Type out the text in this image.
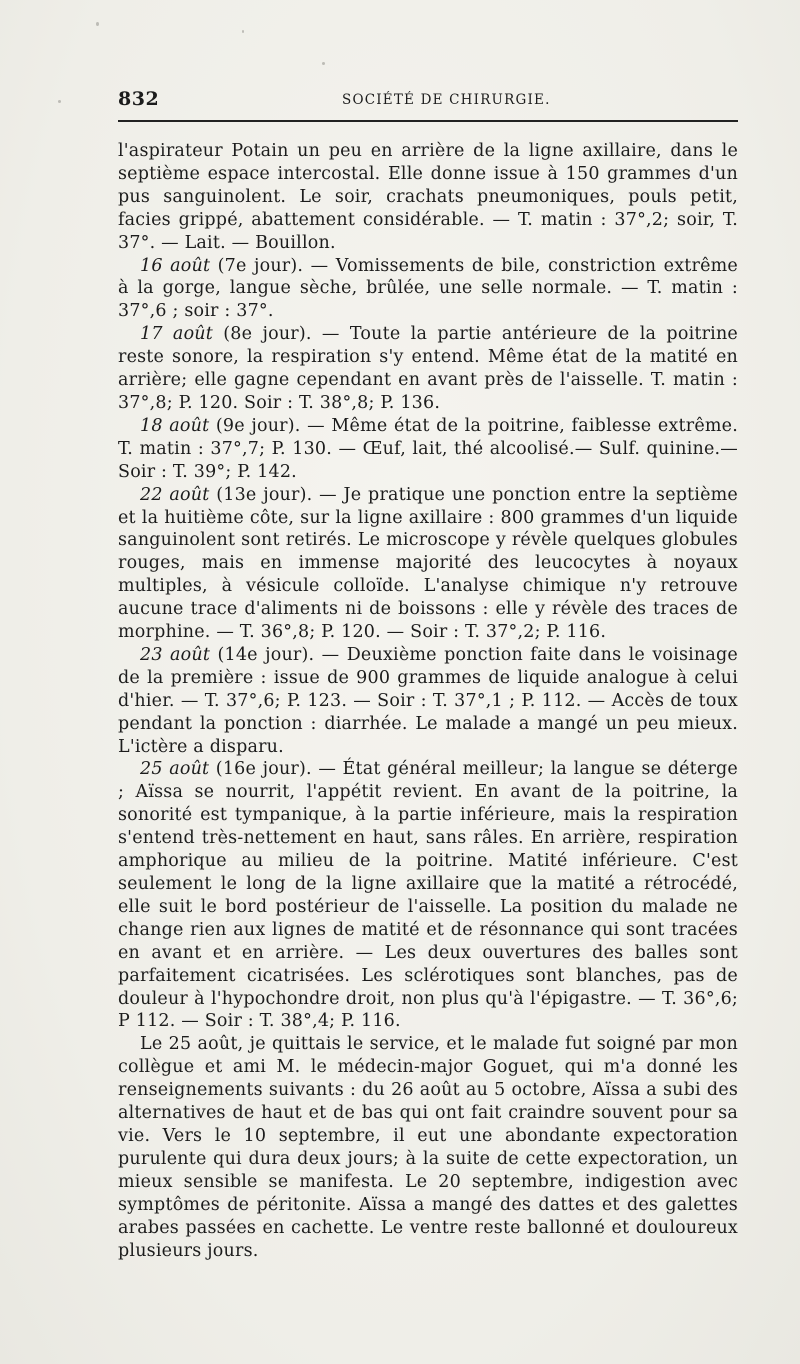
832	SOCIÉTÉ DE CHIRURGIE.

l'aspirateur Potain un peu en arrière de la ligne axillaire, dans le septième espace intercostal. Elle donne issue à 150 grammes d'un pus sanguinolent. Le soir, crachats pneumoniques, pouls petit, facies grippé, abattement considérable. — T. matin : 37°,2; soir, T. 37°. — Lait. — Bouillon.

16 août (7e jour). — Vomissements de bile, constriction extrême à la gorge, langue sèche, brûlée, une selle normale. — T. matin : 37°,6 ; soir : 37°.

17 août (8e jour). — Toute la partie antérieure de la poitrine reste sonore, la respiration s'y entend. Même état de la matité en arrière; elle gagne cependant en avant près de l'aisselle. T. matin : 37°,8; P. 120. Soir : T. 38°,8; P. 136.

18 août (9e jour). — Même état de la poitrine, faiblesse extrême. T. matin : 37°,7; P. 130. — Œuf, lait, thé alcoolisé.— Sulf. quinine.— Soir : T. 39°; P. 142.

22 août (13e jour). — Je pratique une ponction entre la septième et la huitième côte, sur la ligne axillaire : 800 grammes d'un liquide sanguinolent sont retirés. Le microscope y révèle quelques globules rouges, mais en immense majorité des leucocytes à noyaux multiples, à vésicule colloïde. L'analyse chimique n'y retrouve aucune trace d'aliments ni de boissons : elle y révèle des traces de morphine. — T. 36°,8; P. 120. — Soir : T. 37°,2; P. 116.

23 août (14e jour). — Deuxième ponction faite dans le voisinage de la première : issue de 900 grammes de liquide analogue à celui d'hier. — T. 37°,6; P. 123. — Soir : T. 37°,1 ; P. 112. — Accès de toux pendant la ponction : diarrhée. Le malade a mangé un peu mieux. L'ictère a disparu.

25 août (16e jour). — État général meilleur; la langue se déterge ; Aïssa se nourrit, l'appétit revient. En avant de la poitrine, la sonorité est tympanique, à la partie inférieure, mais la respiration s'entend très-nettement en haut, sans râles. En arrière, respiration amphorique au milieu de la poitrine. Matité inférieure. C'est seulement le long de la ligne axillaire que la matité a rétrocédé, elle suit le bord postérieur de l'aisselle. La position du malade ne change rien aux lignes de matité et de résonnance qui sont tracées en avant et en arrière. — Les deux ouvertures des balles sont parfaitement cicatrisées. Les sclérotiques sont blanches, pas de douleur à l'hypochondre droit, non plus qu'à l'épigastre. — T. 36°,6; P 112. — Soir : T. 38°,4; P. 116.

Le 25 août, je quittais le service, et le malade fut soigné par mon collègue et ami M. le médecin-major Goguet, qui m'a donné les renseignements suivants : du 26 août au 5 octobre, Aïssa a subi des alternatives de haut et de bas qui ont fait craindre souvent pour sa vie. Vers le 10 septembre, il eut une abondante expectoration purulente qui dura deux jours; à la suite de cette expectoration, un mieux sensible se manifesta. Le 20 septembre, indigestion avec symptômes de péritonite. Aïssa a mangé des dattes et des galettes arabes passées en cachette. Le ventre reste ballonné et douloureux plusieurs jours.
